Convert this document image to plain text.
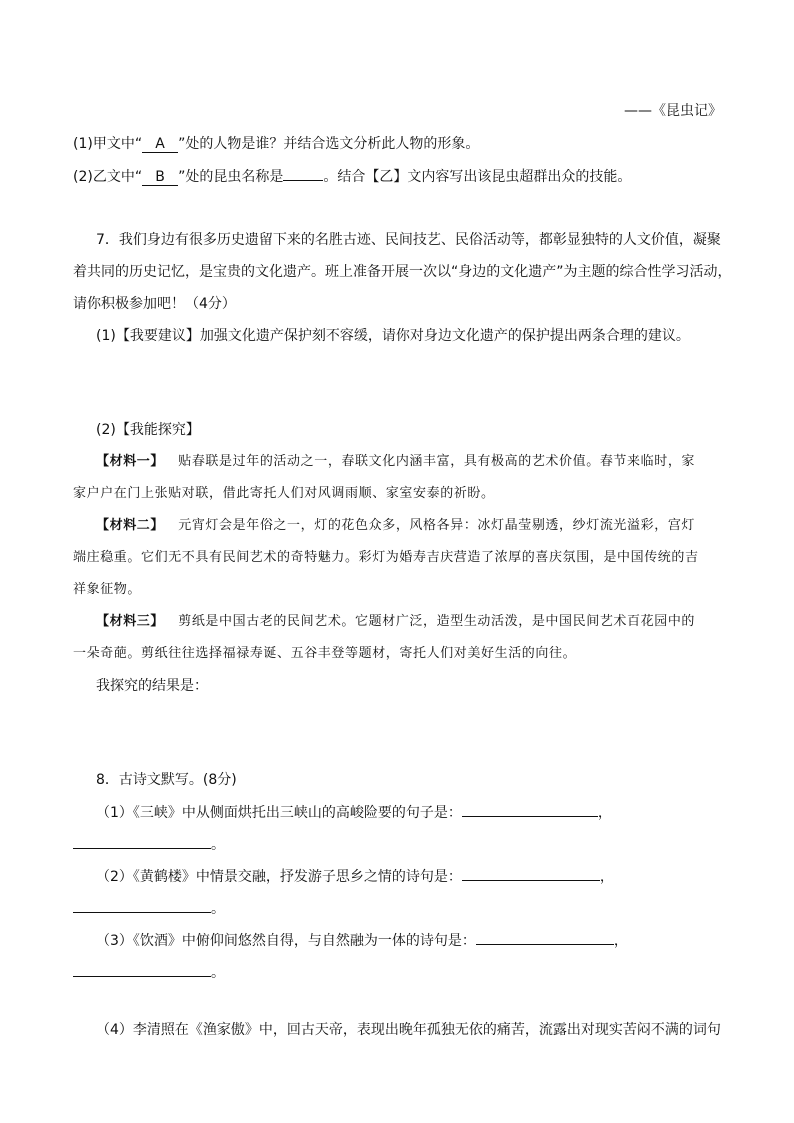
——《昆虫记》
(1)甲文中“ A ”处的人物是谁？并结合选文分析此人物的形象。
(2)乙文中“ B ”处的昆虫名称是	。结合【乙】文内容写出该昆虫超群出众的技能。
7．我们身边有很多历史遗留下来的名胜古迹、民间技艺、民俗活动等，都彰显独特的人文价值，凝聚
着共同的历史记忆，是宝贵的文化遗产。班上准备开展一次以“身边的文化遗产”为主题的综合性学习活动，
请你积极参加吧！（4分）
(1)【我要建议】加强文化遗产保护刻不容缓，请你对身边文化遗产的保护提出两条合理的建议。
(2)【我能探究】
【材料一】 贴春联是过年的活动之一，春联文化内涵丰富，具有极高的艺术价值。春节来临时，家
家户户在门上张贴对联，借此寄托人们对风调雨顺、家室安泰的祈盼。
【材料二】 元宵灯会是年俗之一，灯的花色众多，风格各异：冰灯晶莹剔透，纱灯流光溢彩，宫灯
端庄稳重。它们无不具有民间艺术的奇特魅力。彩灯为婚寿吉庆营造了浓厚的喜庆氛围，是中国传统的吉
祥象征物。
【材料三】 剪纸是中国古老的民间艺术。它题材广泛，造型生动活泼，是中国民间艺术百花园中的
一朵奇葩。剪纸往往选择福禄寿诞、五谷丰登等题材，寄托人们对美好生活的向往。
我探究的结果是：
8．古诗文默写。(8分)
（1）《三峡》中从侧面烘托出三峡山的高峻险要的句子是：	，
。
（2）《黄鹤楼》中情景交融，抒发游子思乡之情的诗句是：	，
。
（3）《饮酒》中俯仰间悠然自得，与自然融为一体的诗句是：	，
。
（4）李清照在《渔家傲》中，回古天帝，表现出晚年孤独无依的痛苦，流露出对现实苦闷不满的词句
